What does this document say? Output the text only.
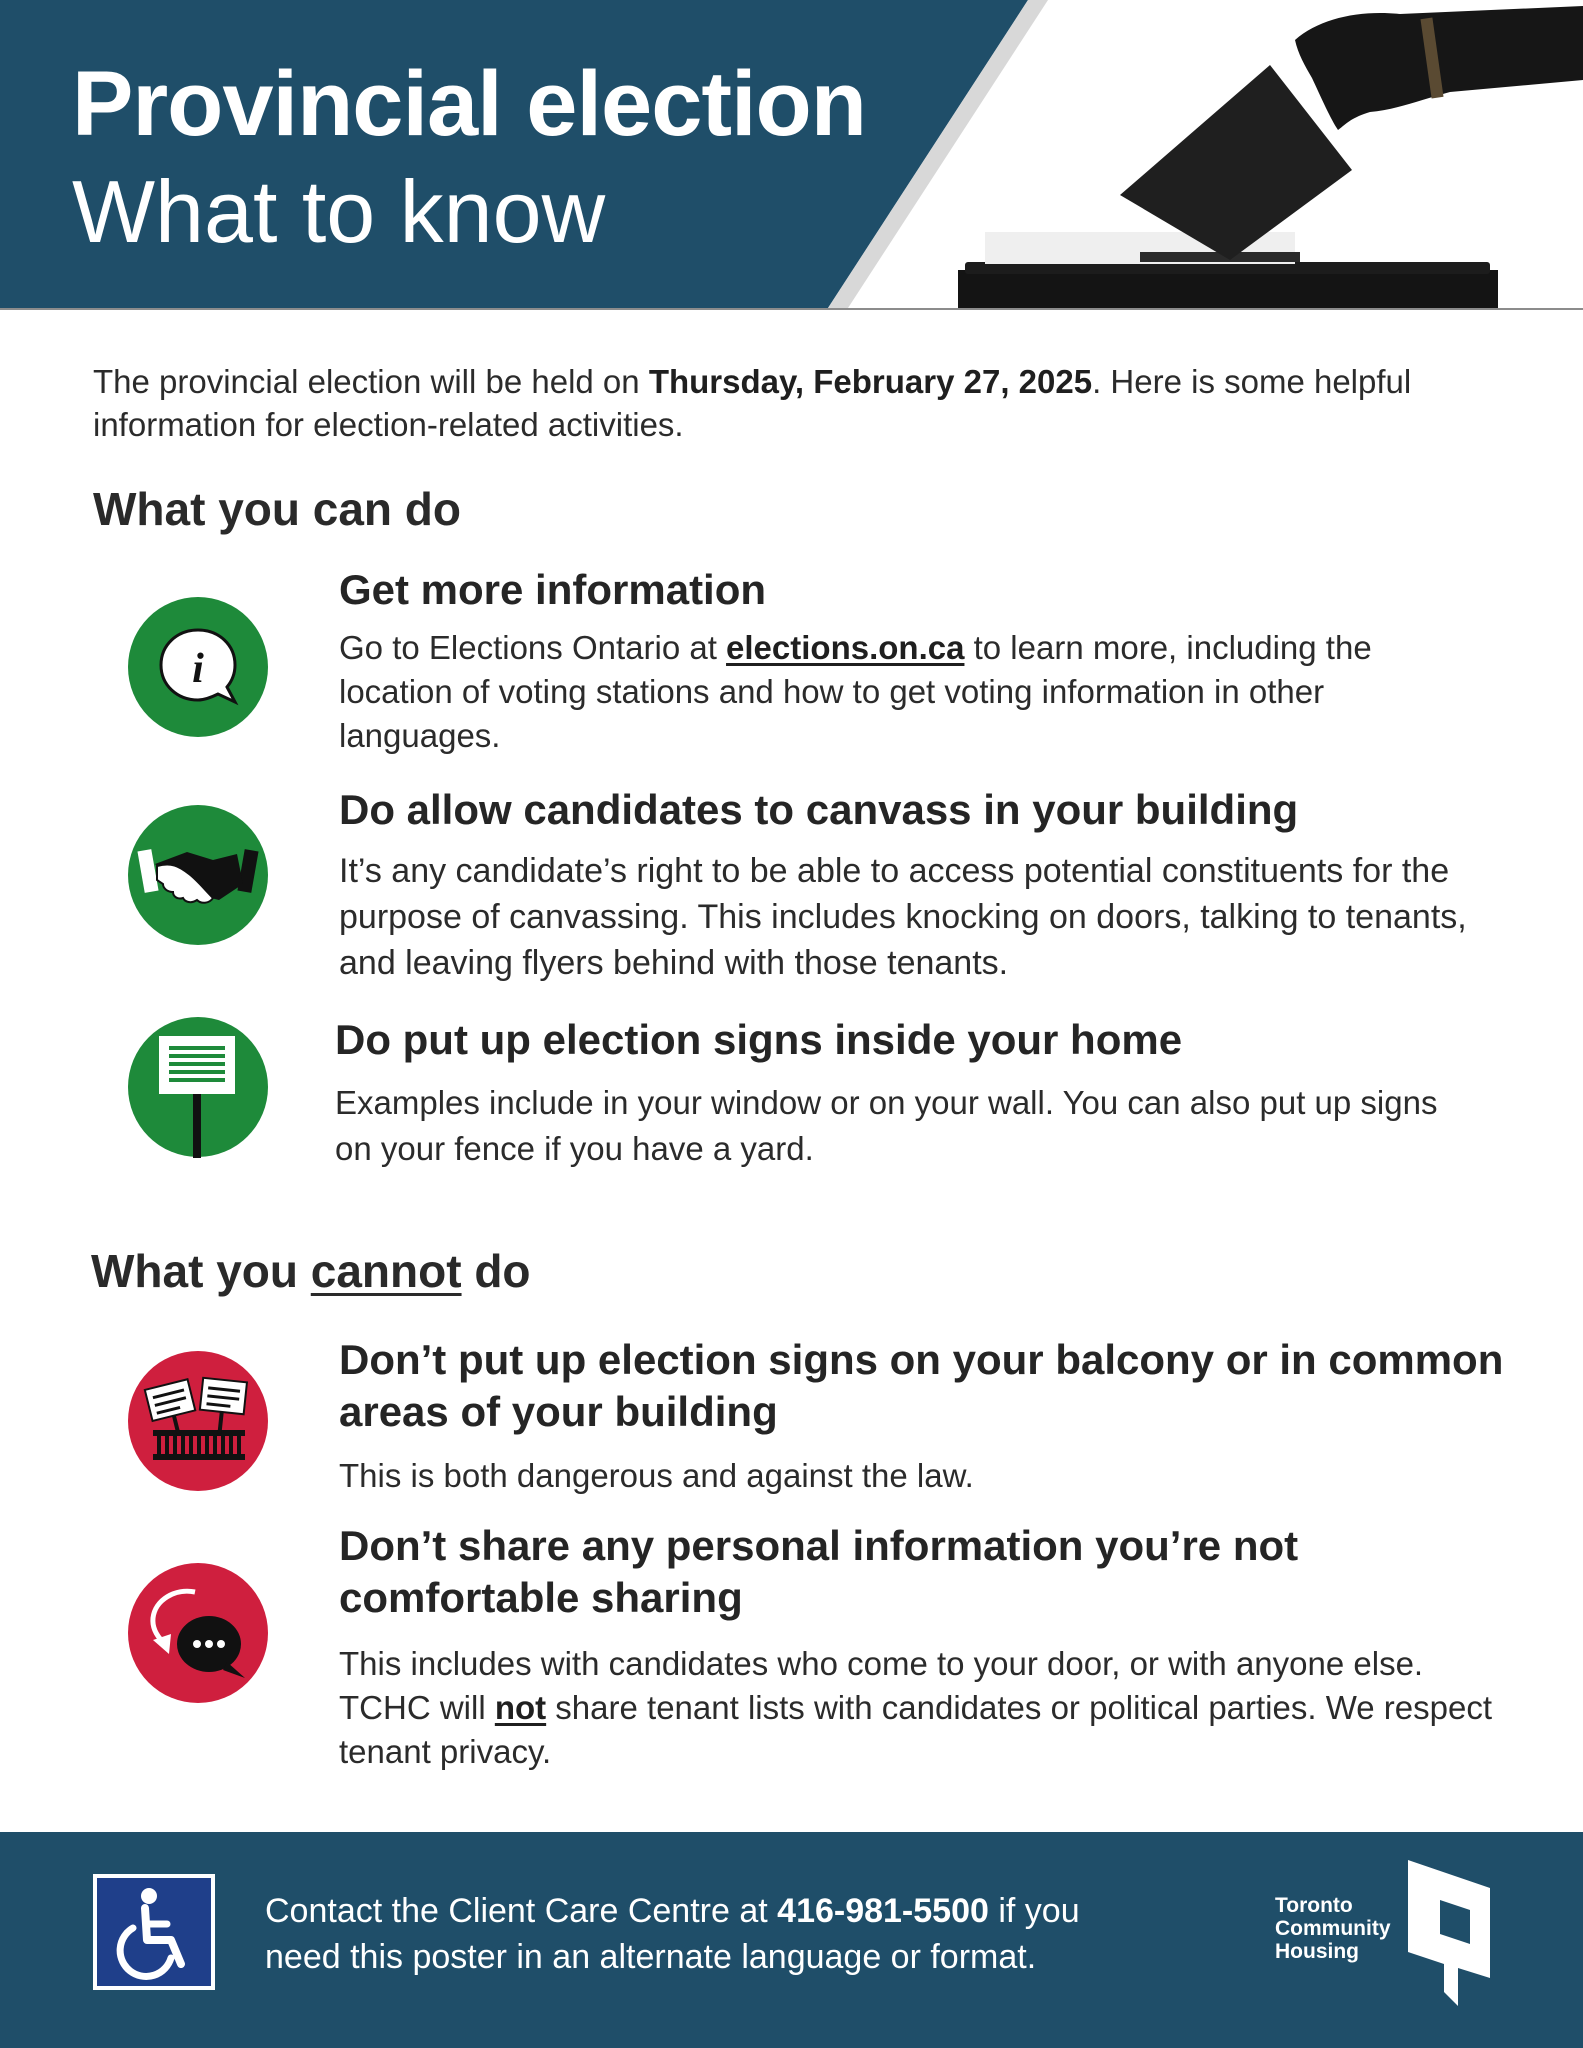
Provincial election
What to know
The provincial election will be held on Thursday, February 27, 2025. Here is some helpful information for election-related activities.
What you can do
i
Get more information
Go to Elections Ontario at elections.on.ca to learn more, including the location of voting stations and how to get voting information in other languages.
Do allow candidates to canvass in your building
It’s any candidate’s right to be able to access potential constituents for the purpose of canvassing. This includes knocking on doors, talking to tenants, and leaving flyers behind with those tenants.
Do put up election signs inside your home
Examples include in your window or on your wall. You can also put up signs on your fence if you have a yard.
What you cannot do
Don’t put up election signs on your balcony or in common areas of your building
This is both dangerous and against the law.
Don’t share any personal information you’re not comfortable sharing
This includes with candidates who come to your door, or with anyone else. TCHC will not share tenant lists with candidates or political parties. We respect tenant privacy.
Contact the Client Care Centre at 416-981-5500 if you need this poster in an alternate language or format.
Toronto
Community
Housing
